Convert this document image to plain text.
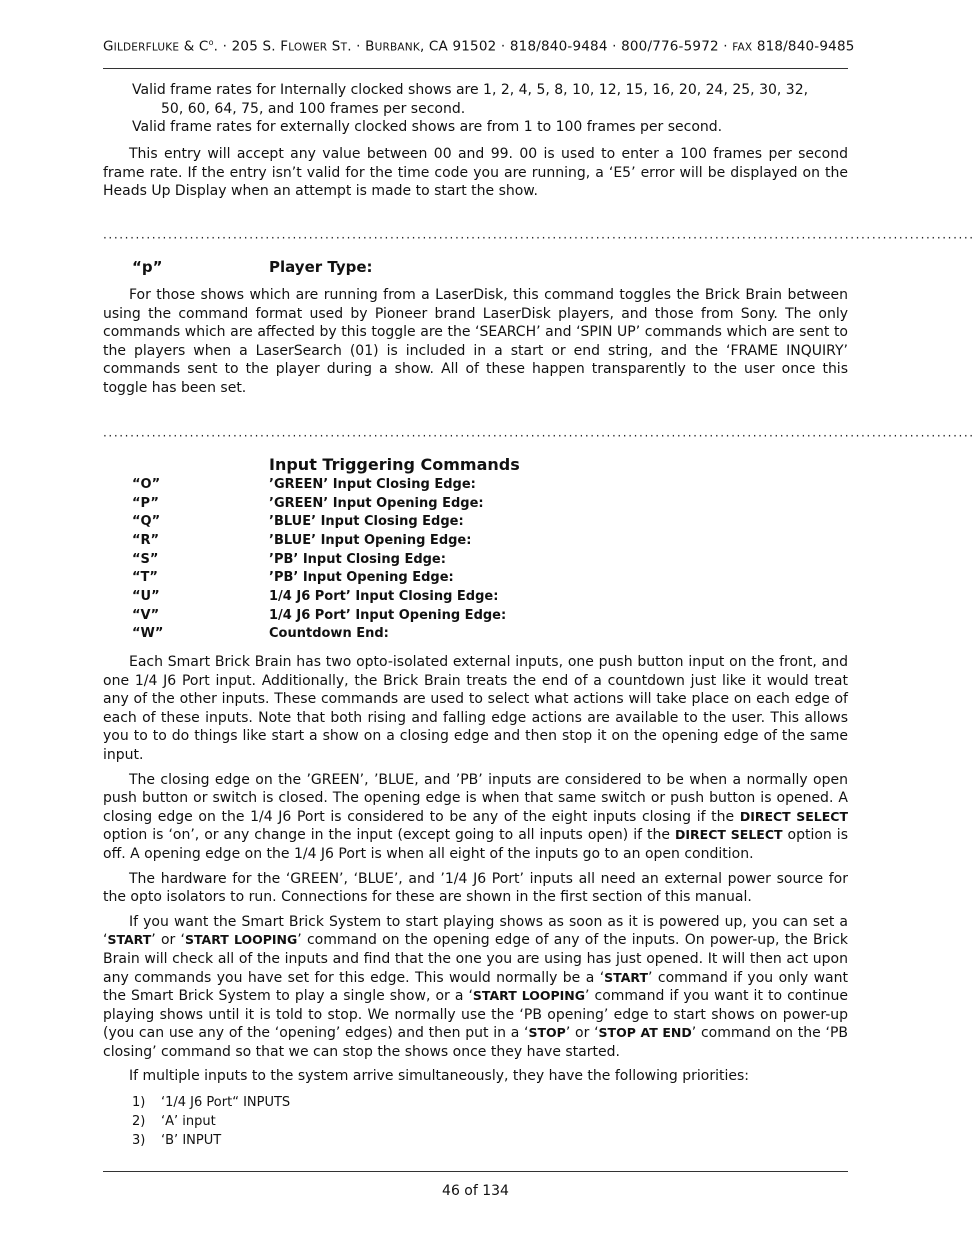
GILDERFLUKE & $C^o$. · 205 S. FLOWER ST. · BURBANK, CA 91502 · 818/840-9484 · 800/776-5972 · FAX 818/840-9485

Valid frame rates for Internally clocked shows are 1, 2, 4, 5, 8, 10, 12, 15, 16, 20, 24, 25, 30, 32,

50, 60, 64, 75, and 100 frames per second.

Valid frame rates for externally clocked shows are from 1 to 100 frames per second.

This entry will accept any value between 00 and 99. 00 is used to enter a 100 frames per second frame rate. If the entry isn’t valid for the time code you are running, a ‘E5’ error will be displayed on the Heads Up Display when an attempt is made to start the show.

·································································································································································
“p”	Player Type:

For those shows which are running from a LaserDisk, this command toggles the Brick Brain between using the command format used by Pioneer brand LaserDisk players, and those from Sony. The only commands which are affected by this toggle are the ‘SEARCH’ and ‘SPIN UP’ commands which are sent to the players when a LaserSearch (01) is included in a start or end string, and the ‘FRAME INQUIRY’ commands sent to the player during a show. All of these happen transparently to the user once this toggle has been set.

·································································································································································
Input Triggering Commands
“O”	’GREEN’ Input Closing Edge:
“P”	’GREEN’ Input Opening Edge:
“Q”	’BLUE’ Input Closing Edge:
“R”	’BLUE’ Input Opening Edge:
“S”	’PB’ Input Closing Edge:
“T”	’PB’ Input Opening Edge:
“U”	1/4 J6 Port’ Input Closing Edge:
“V”	1/4 J6 Port’ Input Opening Edge:
“W”	Countdown End:

Each Smart Brick Brain has two opto-isolated external inputs, one push button input on the front, and one 1/4 J6 Port input. Additionally, the Brick Brain treats the end of a countdown just like it would treat any of the other inputs. These commands are used to select what actions will take place on each edge of each of these inputs. Note that both rising and falling edge actions are available to the user. This allows you to to do things like start a show on a closing edge and then stop it on the opening edge of the same input.

The closing edge on the ’GREEN’, ’BLUE, and ’PB’ inputs are considered to be when a normally open push button or switch is closed. The opening edge is when that same switch or push button is opened. A closing edge on the 1/4 J6 Port is considered to be any of the eight inputs closing if the DIRECT SELECT option is ‘on’, or any change in the input (except going to all inputs open) if the DIRECT SELECT option is off. A opening edge on the 1/4 J6 Port is when all eight of the inputs go to an open condition.

The hardware for the ‘GREEN’, ‘BLUE’, and ’1/4 J6 Port’ inputs all need an external power source for the opto isolators to run. Connections for these are shown in the first section of this manual.

If you want the Smart Brick System to start playing shows as soon as it is powered up, you can set a ‘START’ or ‘START LOOPING’ command on the opening edge of any of the inputs. On power-up, the Brick Brain will check all of the inputs and find that the one you are using has just opened. It will then act upon any commands you have set for this edge. This would normally be a ‘START’ command if you only want the Smart Brick System to play a single show, or a ‘START LOOPING’ command if you want it to continue playing shows until it is told to stop. We normally use the ‘PB opening’ edge to start shows on power-up (you can use any of the ‘opening’ edges) and then put in a ‘STOP’ or ‘STOP AT END’ command on the ‘PB closing’ command so that we can stop the shows once they have started.

If multiple inputs to the system arrive simultaneously, they have the following priorities:

1) ‘1/4 J6 Port“ INPUTS
2) ‘A’ input
3) ‘B’ INPUT
46 of 134
